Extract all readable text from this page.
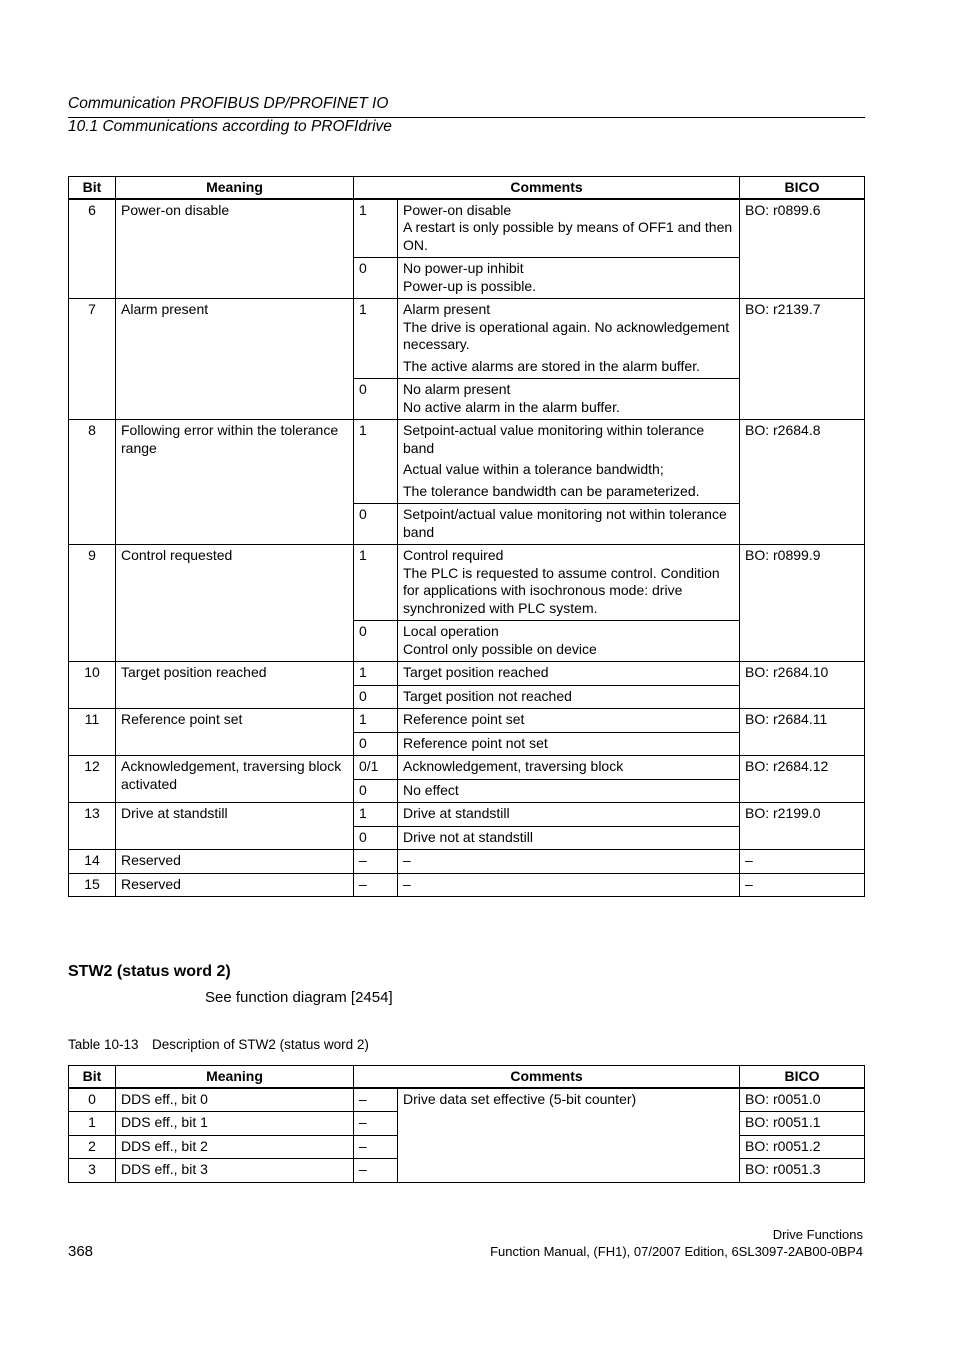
Communication PROFIBUS DP/PROFINET IO
10.1 Communications according to PROFIdrive
Bit	Meaning	Comments		BICO
6	Power-on disable	1	Power-on disable
A restart is only possible by means of OFF1 and then ON.	BO: r0899.6
		0	No power-up inhibit
Power-up is possible.	

7	Alarm present	1	Alarm present
The drive is operational again. No acknowledgement necessary.
The active alarms are stored in the alarm buffer.	BO: r2139.7
		0	No alarm present
No active alarm in the alarm buffer.	

8	Following error within the tolerance range	1	Setpoint-actual value monitoring within tolerance band
Actual value within a tolerance bandwidth;
The tolerance bandwidth can be parameterized.	BO: r2684.8
		0	Setpoint/actual value monitoring not within tolerance band	

9	Control requested	1	Control required
The PLC is requested to assume control. Condition for applications with isochronous mode: drive synchronized with PLC system.	BO: r0899.9
		0	Local operation
Control only possible on device	

10	Target position reached	1	Target position reached	BO: r2684.10
		0	Target position not reached	

11	Reference point set	1	Reference point set	BO: r2684.11
		0	Reference point not set	

12	Acknowledgement, traversing block activated	0/1	Acknowledgement, traversing block	BO: r2684.12
		0	No effect	

13	Drive at standstill	1	Drive at standstill	BO: r2199.0
		0	Drive not at standstill	

14	Reserved	–	–	–
15	Reserved	–	–	–
STW2 (status word 2)
See function diagram [2454]
Table 10-13 Description of STW2 (status word 2)
Bit	Meaning	Comments		BICO
0	DDS eff., bit 0	–	Drive data set effective (5-bit counter)	BO: r0051.0
1	DDS eff., bit 1	–		BO: r0051.1
2	DDS eff., bit 2	–		BO: r0051.2
3	DDS eff., bit 3	–		BO: r0051.3
368
Drive Functions
Function Manual, (FH1), 07/2007 Edition, 6SL3097-2AB00-0BP4
